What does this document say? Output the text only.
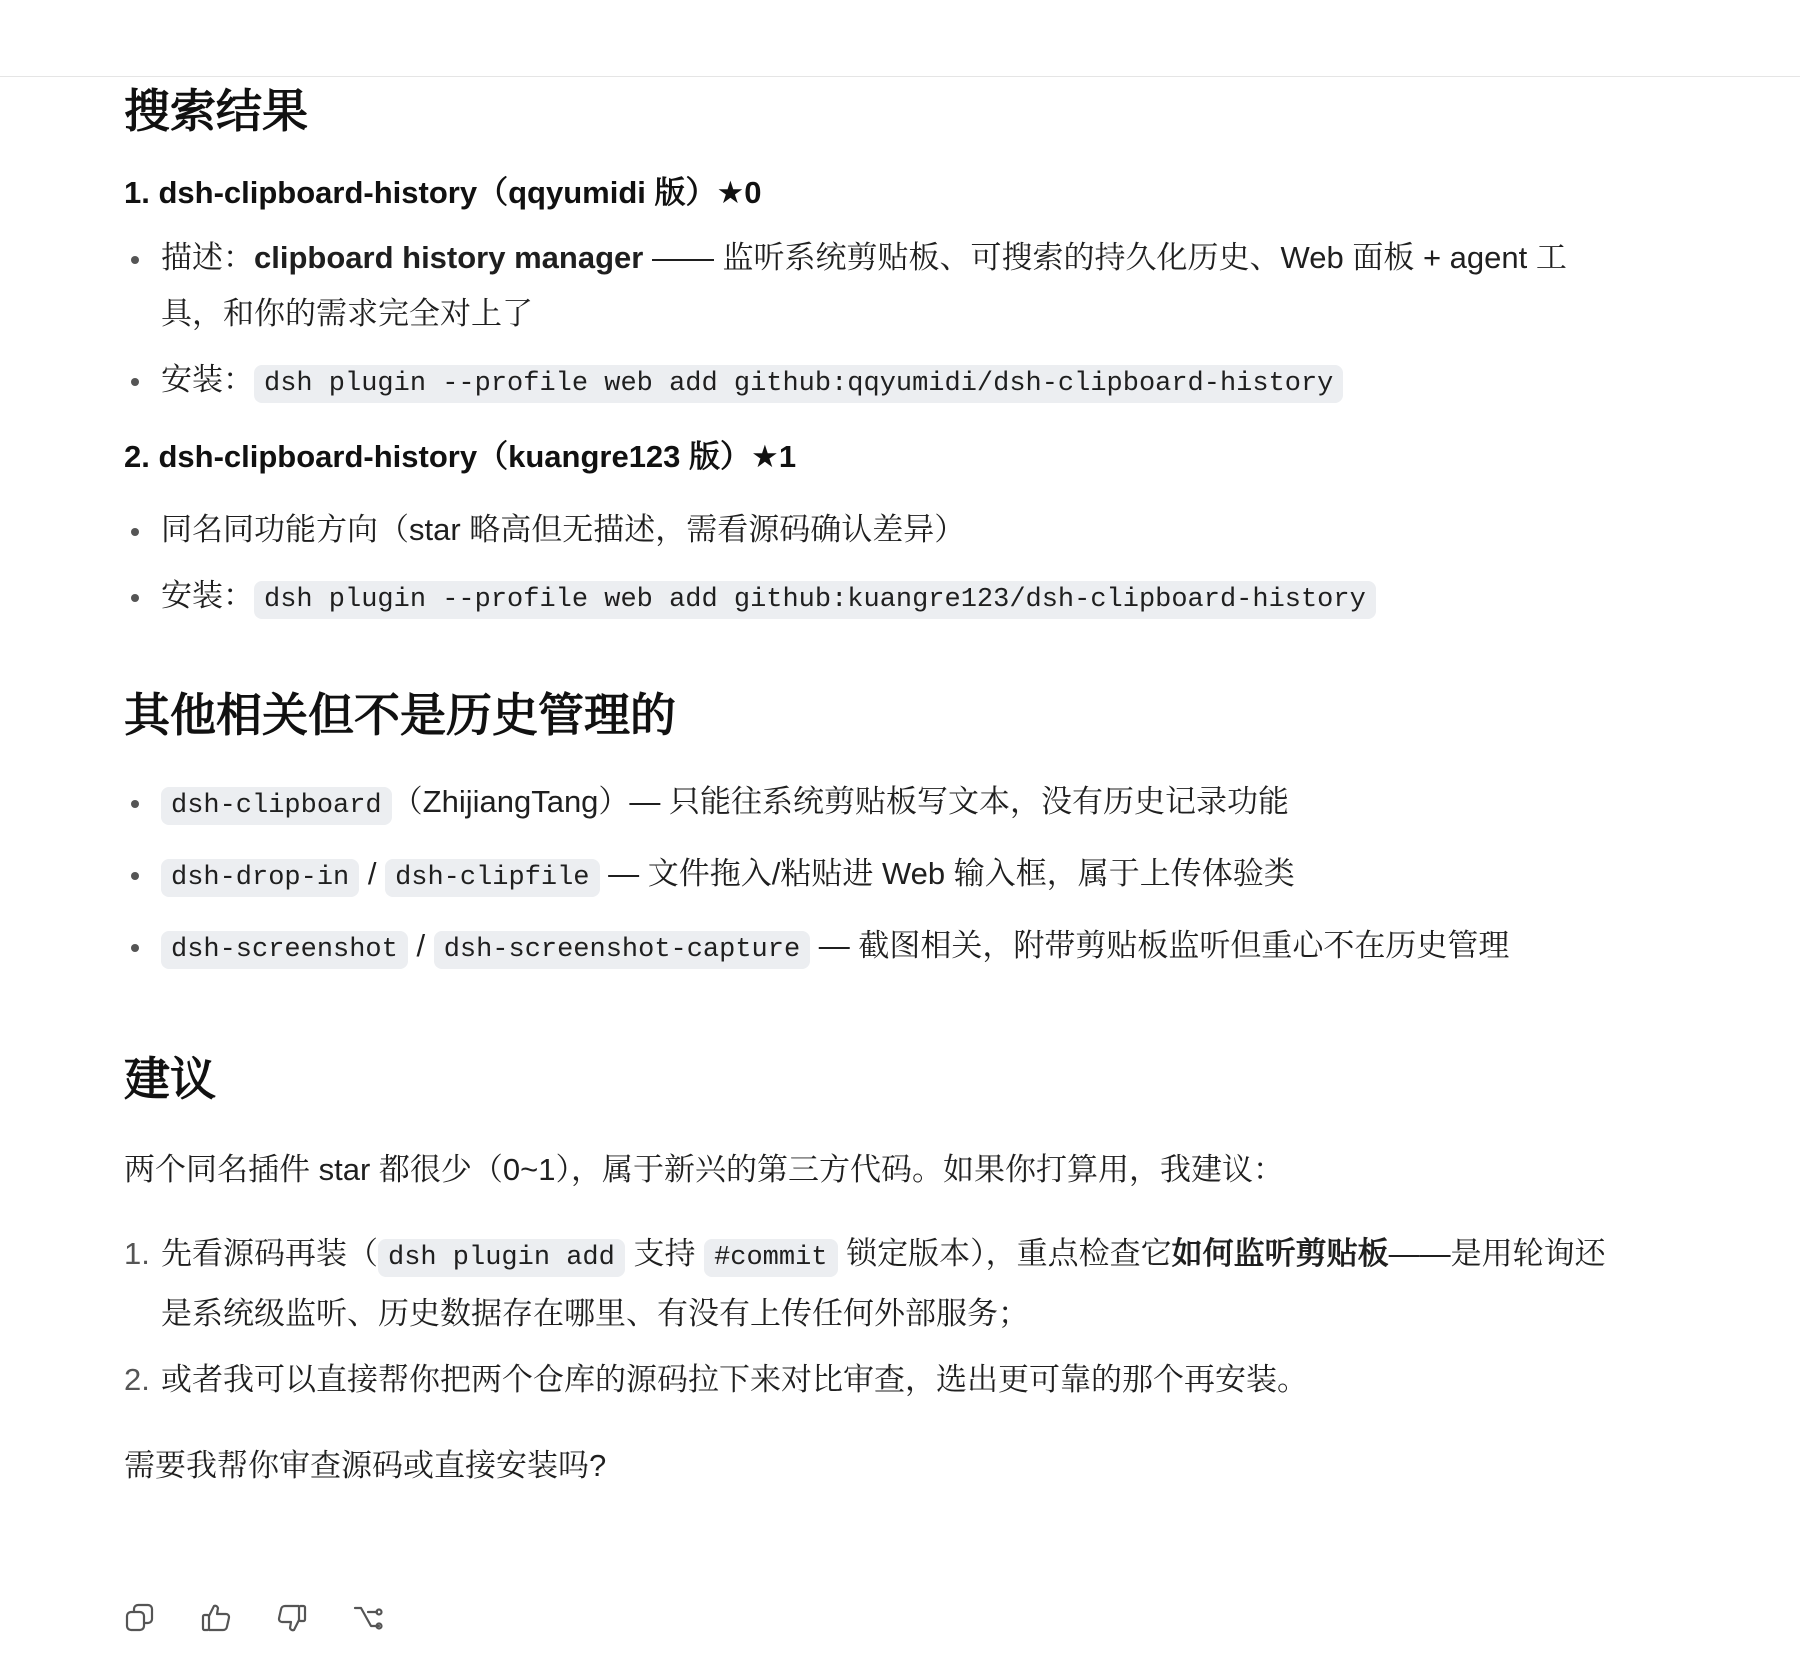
搜索结果
1. dsh-clipboard-history（qqyumidi 版）★0
描述：clipboard history manager —— 监听系统剪贴板、可搜索的持久化历史、Web 面板 + agent 工具，和你的需求完全对上了
安装： dsh plugin --profile web add github:qqyumidi/dsh-clipboard-history
2. dsh-clipboard-history（kuangre123 版）★1
同名同功能方向（star 略高但无描述，需看源码确认差异）
安装： dsh plugin --profile web add github:kuangre123/dsh-clipboard-history
其他相关但不是历史管理的
dsh-clipboard （ZhijiangTang）— 只能往系统剪贴板写文本，没有历史记录功能
dsh-drop-in / dsh-clipfile — 文件拖入/粘贴进 Web 输入框，属于上传体验类
dsh-screenshot / dsh-screenshot-capture — 截图相关，附带剪贴板监听但重心不在历史管理
建议

两个同名插件 star 都很少（0~1），属于新兴的第三方代码。如果你打算用，我建议：

1. 先看源码再装（ dsh plugin add 支持 #commit 锁定版本），重点检查它如何监听剪贴板——是用轮询还是系统级监听、历史数据存在哪里、有没有上传任何外部服务；
2. 或者我可以直接帮你把两个仓库的源码拉下来对比审查，选出更可靠的那个再安装。

需要我帮你审查源码或直接安装吗?
